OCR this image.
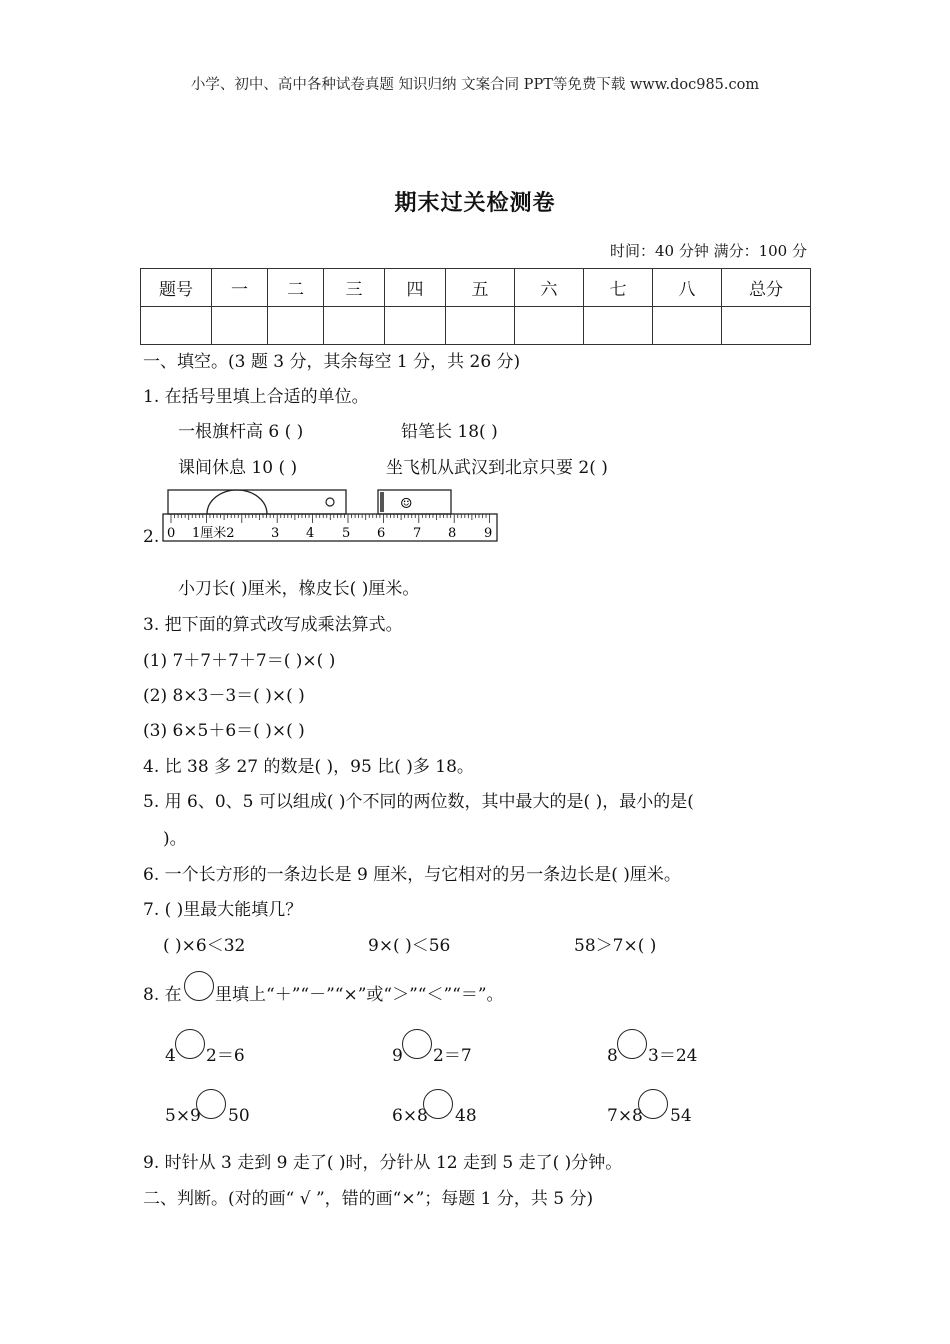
小学、初中、高中各种试卷真题 知识归纳 文案合同 PPT等免费下载 www.doc985.com
期末过关检测卷
时间：40 分钟 满分：100 分
题号	一	二	三	四	五	六	七	八	总分

一、填空。(3 题 3 分，其余每空 1 分，共 26 分)
1. 在括号里填上合适的单位。
一根旗杆高 6 ( )	铅笔长 18( )
课间休息 10 ( )	坐飞机从武汉到北京只要 2( )
2.
☺
0 1厘米2	3 4 5 6 7 8 9
小刀长( )厘米，橡皮长( )厘米。
3. 把下面的算式改写成乘法算式。
(1) 7＋7＋7＋7＝( )×( )
(2) 8×3－3＝( )×( )
(3) 6×5＋6＝( )×( )
4. 比 38 多 27 的数是( )，95 比( )多 18。
5. 用 6、0、5 可以组成( )个不同的两位数，其中最大的是( )，最小的是(
)。
6. 一个长方形的一条边长是 9 厘米，与它相对的另一条边长是( )厘米。
7. ( )里最大能填几？
( )×6＜32	9×( )＜56	58＞7×( )
8. 在 里填上“＋”“－”“×”或“＞”“＜”“＝”。
4 2＝6	9 2＝7	8 3＝24
5×9 50	6×8 48	7×8 54
9. 时针从 3 走到 9 走了( )时，分针从 12 走到 5 走了( )分钟。
二、判断。(对的画“ √ ”，错的画“×”；每题 1 分，共 5 分)
